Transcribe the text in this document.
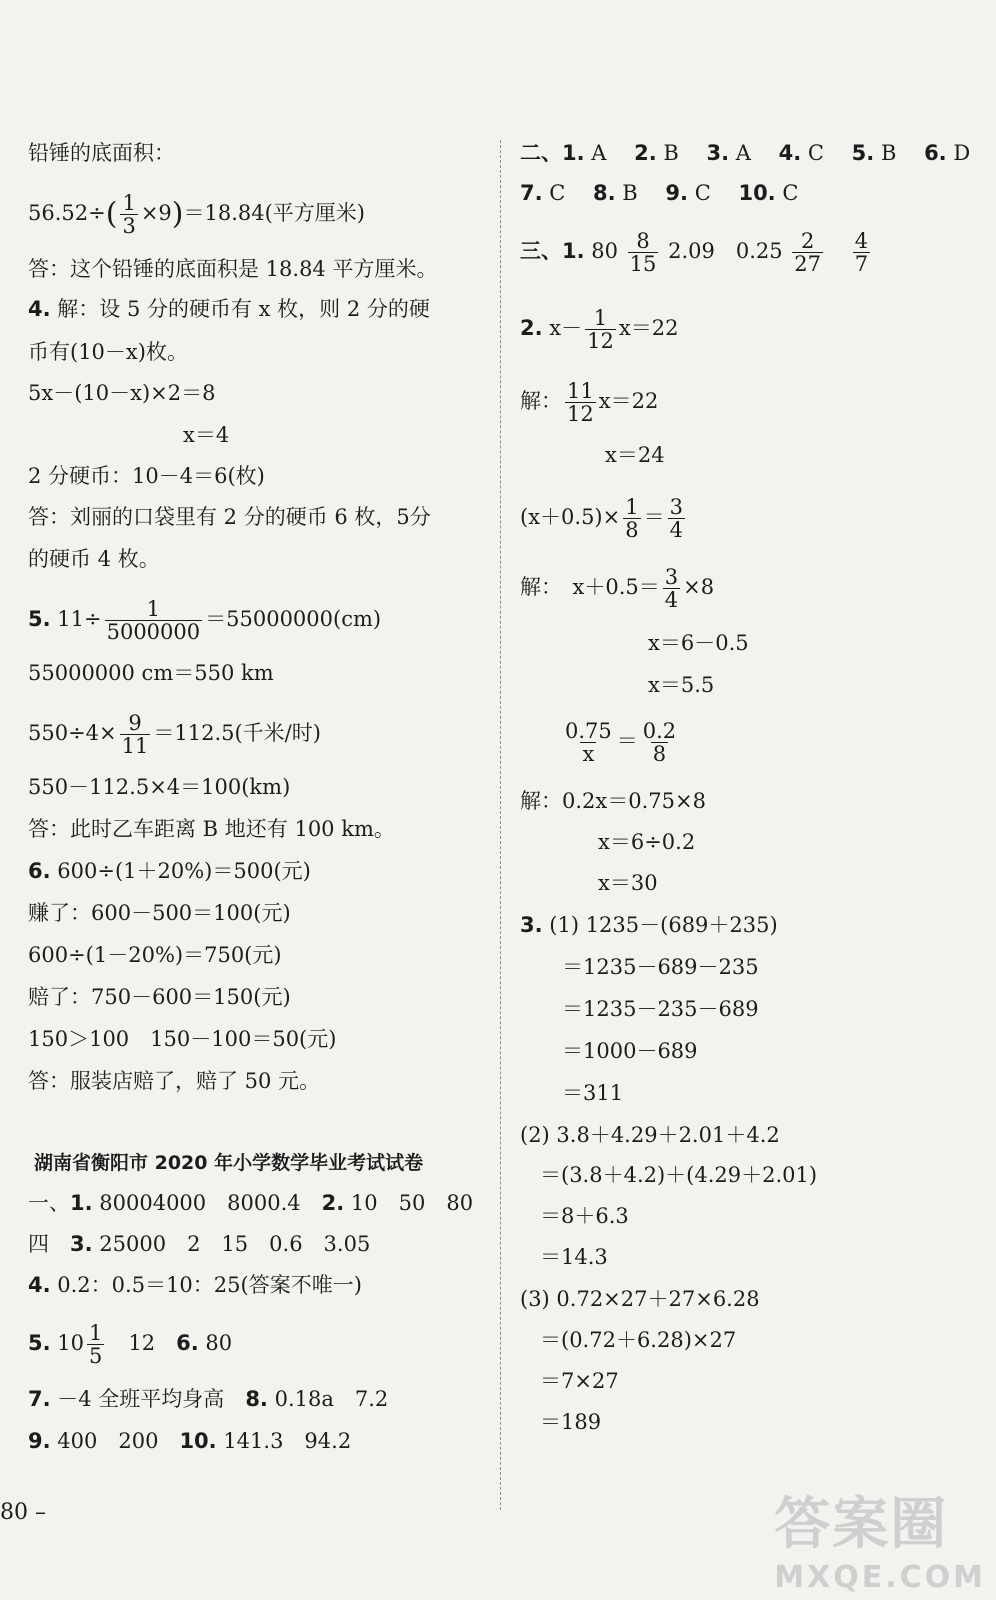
铅锤的底面积：
$56.52\div( \frac{1}{3} \times 9)=18.84$(平方厘米)
答：这个铅锤的底面积是 18.84 平方厘米。
4. 解：设 5 分的硬币有 x 枚，则 2 分的硬
币有(10－x)枚。
5x－(10－x)×2＝8
x＝4
2 分硬币：10－4＝6(枚)
答：刘丽的口袋里有 2 分的硬币 6 枚，5分
的硬币 4 枚。
5. $11\div \frac{1}{5000000} =55000000(cm)$
55000000 cm＝550 km
$550\div 4\times \frac{9}{11} =112.5$(千米/时)
550－112.5×4＝100(km)
答：此时乙车距离 B 地还有 100 km。
6. 600÷(1＋20%)＝500(元)
赚了：600－500＝100(元)
600÷(1－20%)＝750(元)
赔了：750－600＝150(元)
150＞100　150－100＝50(元)
答：服装店赔了，赔了 50 元。
湖南省衡阳市 2020 年小学数学毕业考试试卷
一、1. 80004000　8000.4　2. 10　50　80
四　3. 25000　2　15　0.6　3.05
4. 0.2：0.5＝10：25(答案不唯一)
5. $10 \frac{1}{5}$ 　12　6. 80
7. －4 全班平均身高　8. 0.18a　7.2
9. 400　200　10. 141.3　94.2
二、1. A　 2. B　 3. A　 4. C　 5. B　 6. D
7. C　 8. B　 9. C　 10. C
三、1. $80 \frac{8}{15} 2.09$　$0.25 \frac{2}{27}$
$\frac{4}{7}$
2. $x- \frac{1}{12} x=22$
解： $\frac{11}{12} x=22$
x＝24
$(x+0.5)\times \frac{1}{8} = \frac{3}{4}$
解：　$x+0.5= \frac{3}{4} \times 8$
x＝6－0.5
x＝5.5
$\frac{0.75}{x} = \frac{0.2}{8}$
解：0.2x＝0.75×8
x＝6÷0.2
x＝30
3. (1) 1235－(689＋235)
＝1235－689－235
＝1235－235－689
＝1000－689
＝311
(2) 3.8＋4.29＋2.01＋4.2
＝(3.8＋4.2)＋(4.29＋2.01)
＝8＋6.3
＝14.3
(3) 0.72×27＋27×6.28
＝(0.72＋6.28)×27
＝7×27
＝189
80 –	答案圈
MXQE.COM
